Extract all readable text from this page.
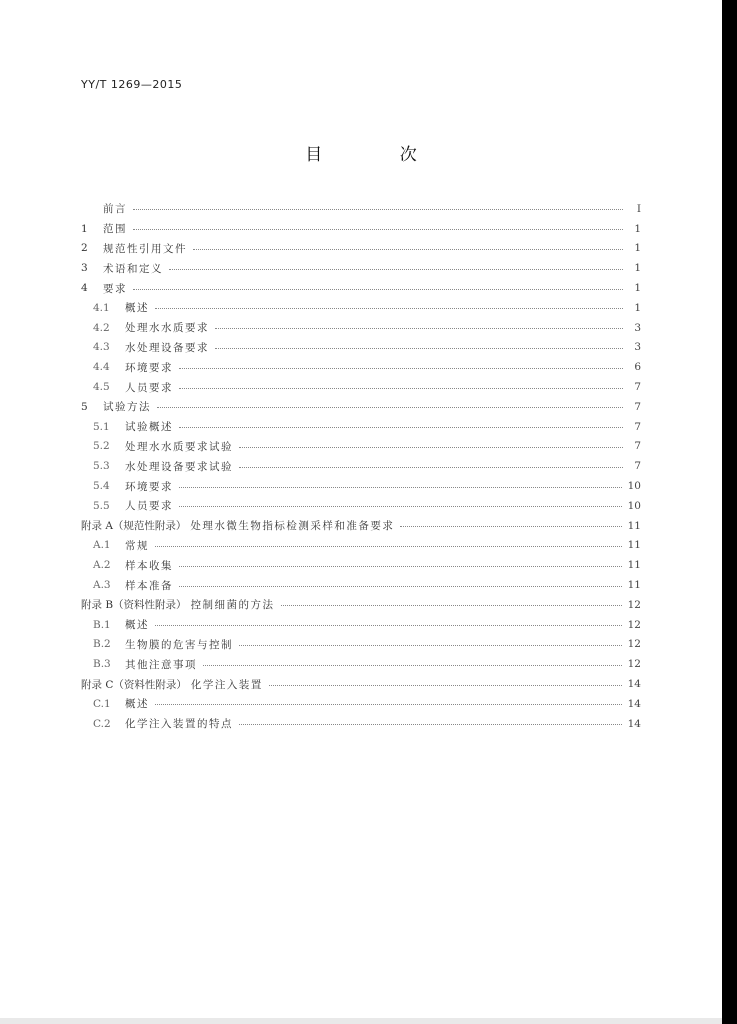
YY/T 1269—2015
目 次
前言	Ⅰ
1	范围	1
2	规范性引用文件	1
3	术语和定义	1
4	要求	1
4.1	概述	1
4.2	处理水水质要求	3
4.3	水处理设备要求	3
4.4	环境要求	6
4.5	人员要求	7
5	试验方法	7
5.1	试验概述	7
5.2	处理水水质要求试验	7
5.3	水处理设备要求试验	7
5.4	环境要求	10
5.5	人员要求	10
附录 A（规范性附录） 处理水微生物指标检测采样和准备要求	11
A.1	常规	11
A.2	样本收集	11
A.3	样本准备	11
附录 B（资料性附录） 控制细菌的方法	12
B.1	概述	12
B.2	生物膜的危害与控制	12
B.3	其他注意事项	12
附录 C（资料性附录） 化学注入装置	14
C.1	概述	14
C.2	化学注入装置的特点	14
